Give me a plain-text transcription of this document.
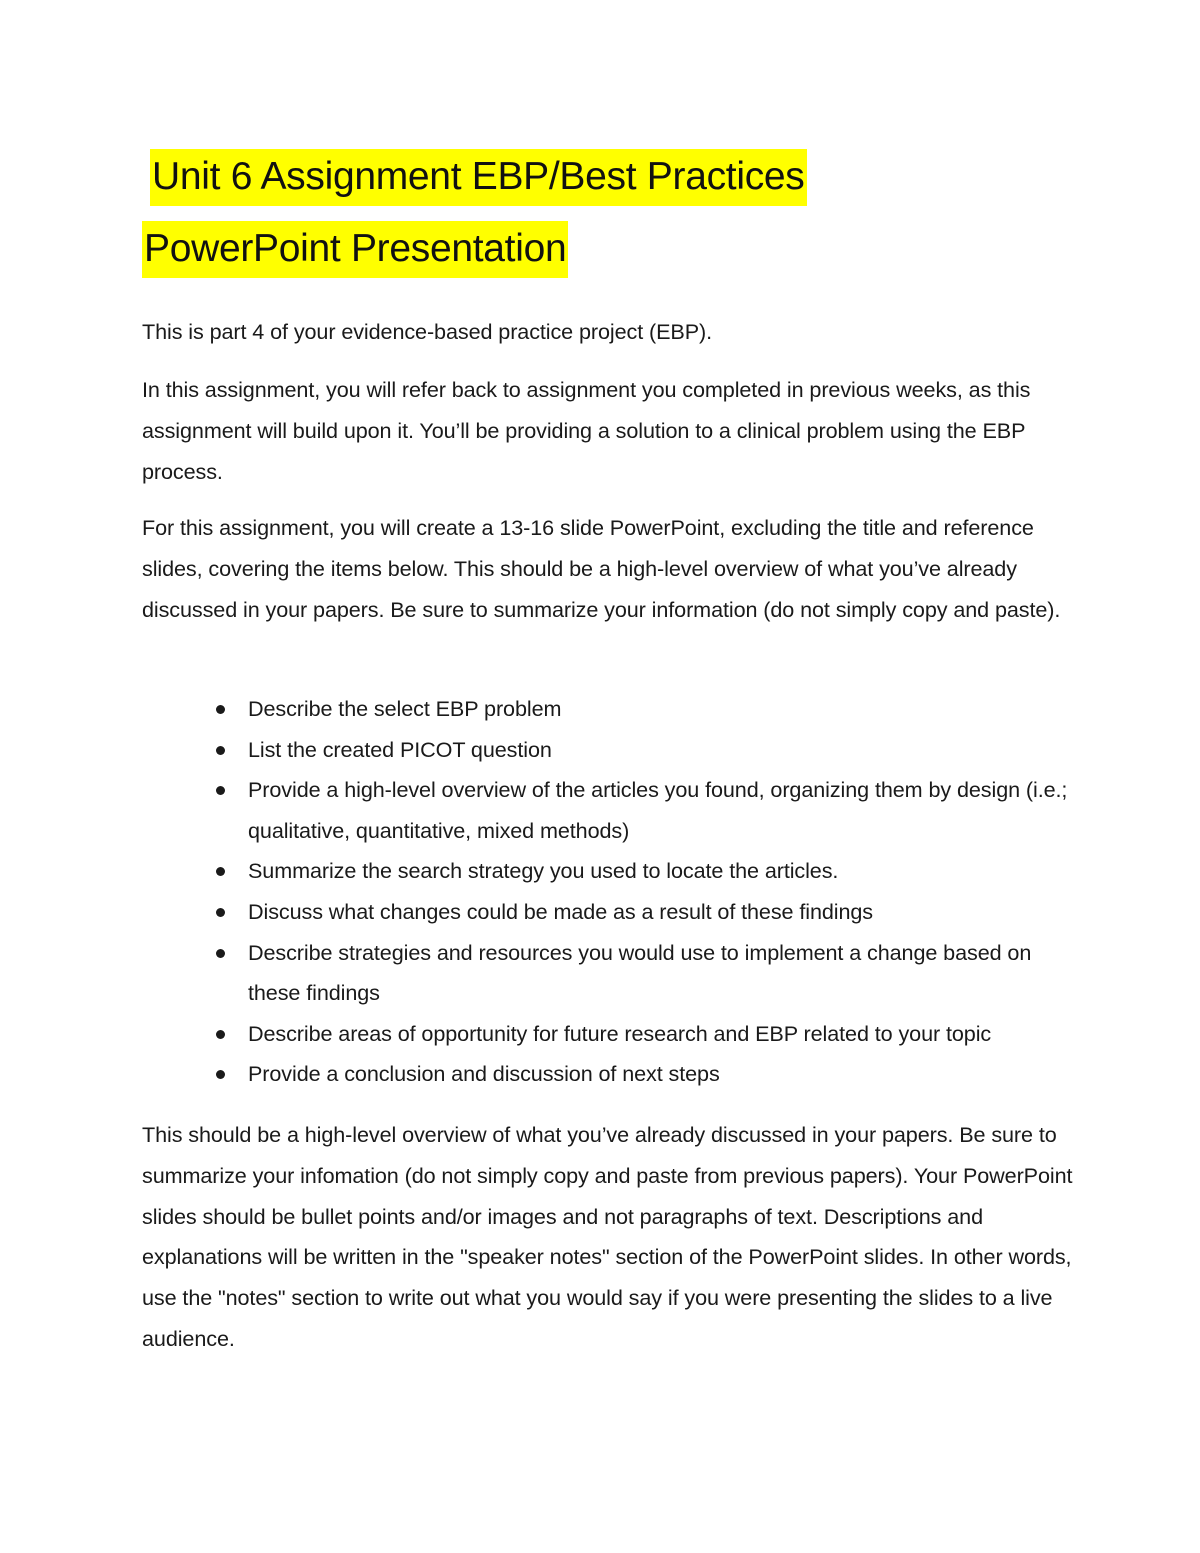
Unit 6 Assignment EBP/Best Practices
PowerPoint Presentation

This is part 4 of your evidence-based practice project (EBP).

In this assignment, you will refer back to assignment you completed in previous weeks, as this assignment will build upon it. You’ll be providing a solution to a clinical problem using the EBP process.

For this assignment, you will create a 13-16 slide PowerPoint, excluding the title and reference slides, covering the items below. This should be a high-level overview of what you’ve already discussed in your papers. Be sure to summarize your information (do not simply copy and paste).

Describe the select EBP problem
List the created PICOT question
Provide a high-level overview of the articles you found, organizing them by design (i.e.; qualitative, quantitative, mixed methods)
Summarize the search strategy you used to locate the articles.
Discuss what changes could be made as a result of these findings
Describe strategies and resources you would use to implement a change based on these findings
Describe areas of opportunity for future research and EBP related to your topic
Provide a conclusion and discussion of next steps

This should be a high-level overview of what you’ve already discussed in your papers. Be sure to summarize your infomation (do not simply copy and paste from previous papers). Your PowerPoint slides should be bullet points and/or images and not paragraphs of text. Descriptions and explanations will be written in the "speaker notes" section of the PowerPoint slides. In other words, use the "notes" section to write out what you would say if you were presenting the slides to a live audience.
